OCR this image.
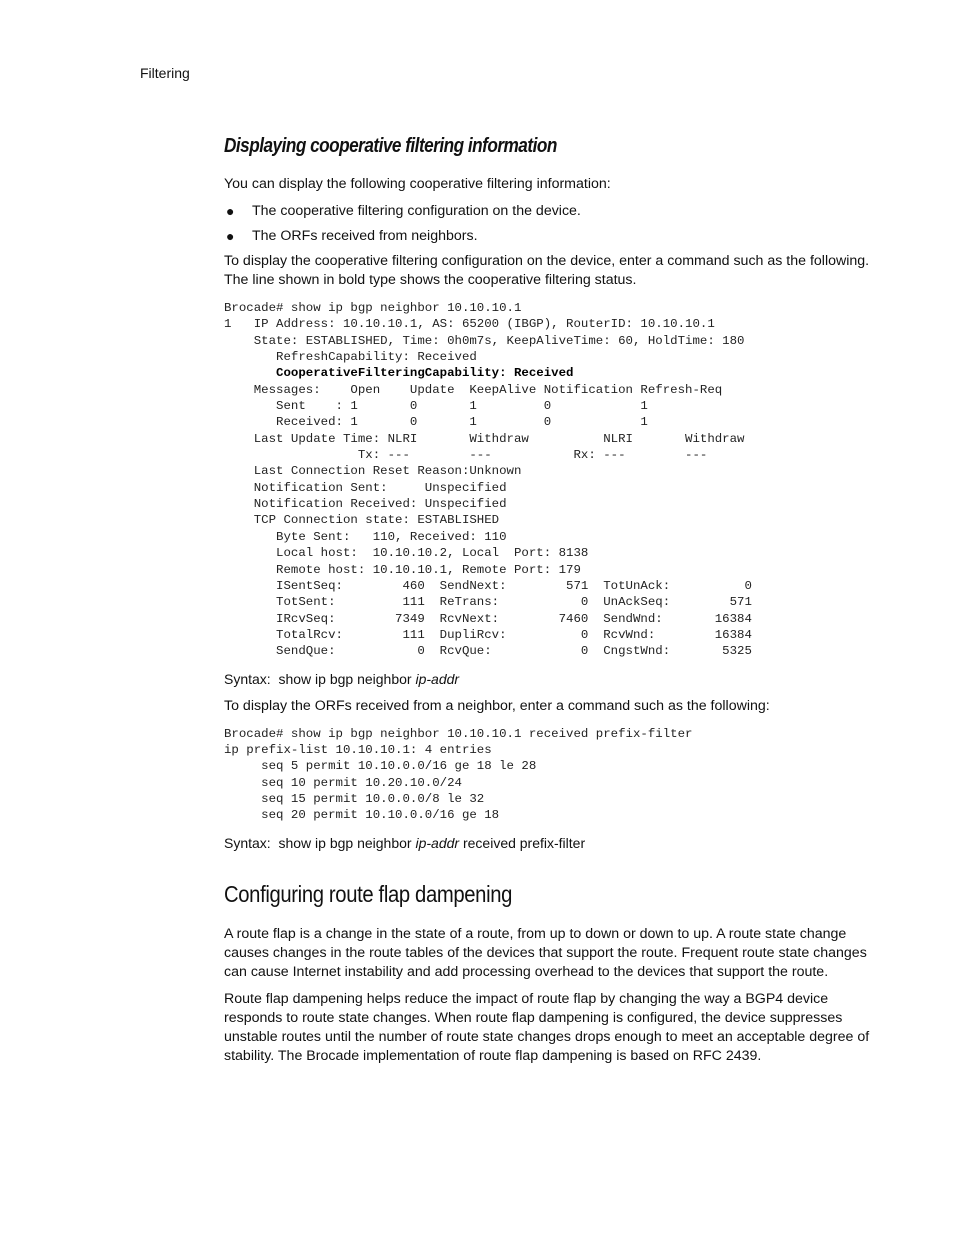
Filtering
Displaying cooperative filtering information

You can display the following cooperative filtering information:

● The cooperative filtering configuration on the device.
● The ORFs received from neighbors.

To display the cooperative filtering configuration on the device, enter a command such as the following. The line shown in bold type shows the cooperative filtering status.

Brocade# show ip bgp neighbor 10.10.10.1
1   IP Address: 10.10.10.1, AS: 65200 (IBGP), RouterID: 10.10.10.1
State: ESTABLISHED, Time: 0h0m7s, KeepAliveTime: 60, HoldTime: 180
RefreshCapability: Received
CooperativeFilteringCapability: Received
Messages:    Open    Update  KeepAlive Notification Refresh-Req
Sent    : 1       0       1         0            1
Received: 1       0       1         0            1
Last Update Time: NLRI       Withdraw          NLRI       Withdraw
Tx: ---        ---           Rx: ---        ---
Last Connection Reset Reason:Unknown
Notification Sent:     Unspecified
Notification Received: Unspecified
TCP Connection state: ESTABLISHED
Byte Sent:   110, Received: 110
Local host:  10.10.10.2, Local  Port: 8138
Remote host: 10.10.10.1, Remote Port: 179
ISentSeq:        460  SendNext:        571  TotUnAck:          0
TotSent:         111  ReTrans:           0  UnAckSeq:        571
IRcvSeq:        7349  RcvNext:        7460  SendWnd:       16384
TotalRcv:        111  DupliRcv:          0  RcvWnd:        16384
SendQue:           0  RcvQue:            0  CngstWnd:       5325
Syntax: show ip bgp neighbor ip-addr

To display the ORFs received from a neighbor, enter a command such as the following:

Brocade# show ip bgp neighbor 10.10.10.1 received prefix-filter
ip prefix-list 10.10.10.1: 4 entries
seq 5 permit 10.10.0.0/16 ge 18 le 28
seq 10 permit 10.20.10.0/24
seq 15 permit 10.0.0.0/8 le 32
seq 20 permit 10.10.0.0/16 ge 18
Syntax: show ip bgp neighbor ip-addr received prefix-filter
Configuring route flap dampening

A route flap is a change in the state of a route, from up to down or down to up. A route state change causes changes in the route tables of the devices that support the route. Frequent route state changes can cause Internet instability and add processing overhead to the devices that support the route.

Route flap dampening helps reduce the impact of route flap by changing the way a BGP4 device responds to route state changes. When route flap dampening is configured, the device suppresses unstable routes until the number of route state changes drops enough to meet an acceptable degree of stability. The Brocade implementation of route flap dampening is based on RFC 2439.
